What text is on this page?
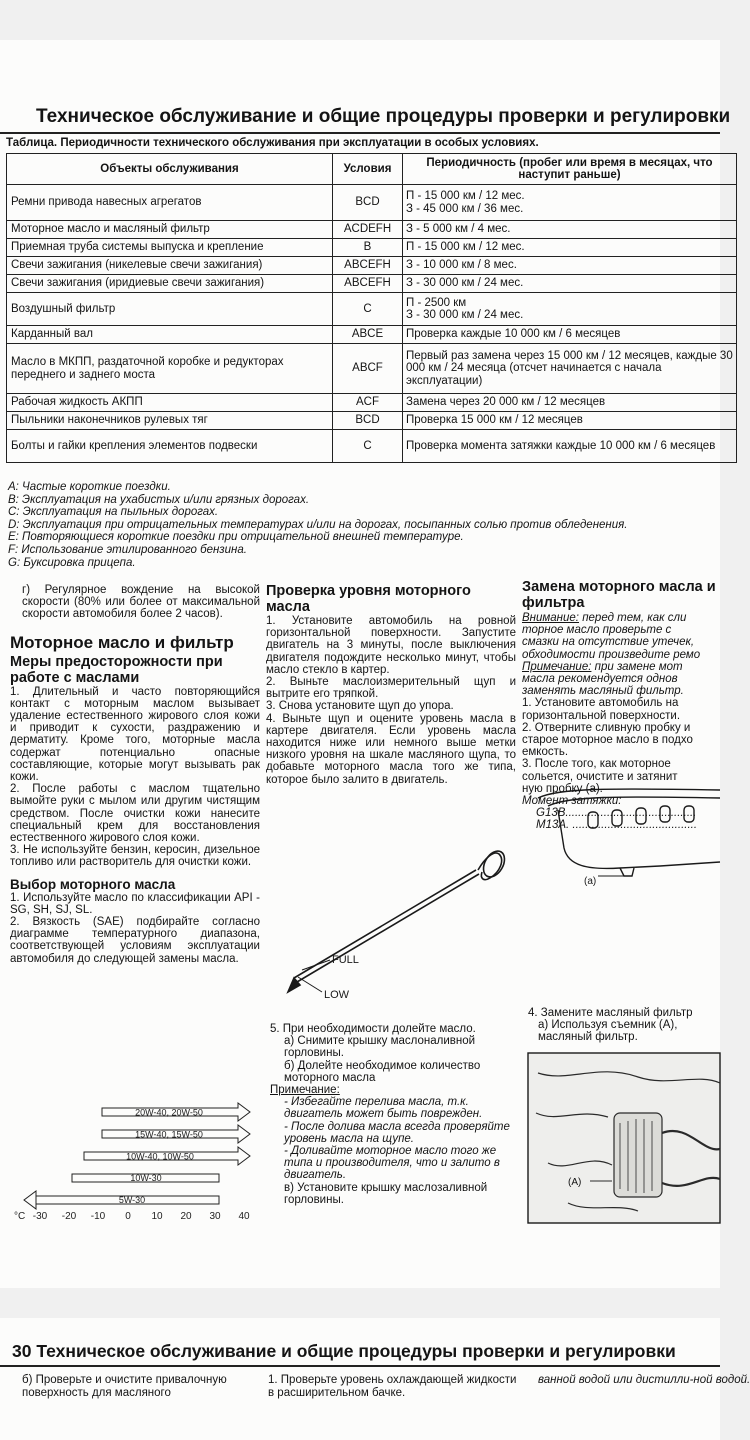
Техническое обслуживание и общие процедуры проверки и регулировки
Таблица. Периодичности технического обслуживания при эксплуатации в особых условиях.
Объекты обслуживания	Условия	Периодичность (пробег или время в месяцах, что наступит раньше)
Ремни привода навесных агрегатов	BCD	П - 15 000 км / 12 мес.
З - 45 000 км / 36 мес.
Моторное масло и масляный фильтр	ACDEFH	З - 5 000 км / 4 мес.
Приемная труба системы выпуска и крепление	B	П - 15 000 км / 12 мес.
Свечи зажигания (никелевые свечи зажигания)	ABCEFH	З - 10 000 км / 8 мес.
Свечи зажигания (иридиевые свечи зажигания)	ABCEFH	З - 30 000 км / 24 мес.
Воздушный фильтр	C	П - 2500 км
З - 30 000 км / 24 мес.
Карданный вал	ABCE	Проверка каждые 10 000 км / 6 месяцев
Масло в МКПП, раздаточной коробке и редукторах переднего и заднего моста	ABCF	Первый раз замена через 15 000 км / 12 месяцев, каждые 30 000 км / 24 месяца (отсчет начинается с начала эксплуатации)
Рабочая жидкость АКПП	ACF	Замена через 20 000 км / 12 месяцев
Пыльники наконечников рулевых тяг	BCD	Проверка 15 000 км / 12 месяцев
Болты и гайки крепления элементов подвески	C	Проверка момента затяжки каждые 10 000 км / 6 месяцев
A: Частые короткие поездки.
B: Эксплуатация на ухабистых и/или грязных дорогах.
C: Эксплуатация на пыльных дорогах.
D: Эксплуатация при отрицательных температурах и/или на дорогах, посыпанных солью против обледенения.
E: Повторяющиеся короткие поездки при отрицательной внешней температуре.
F: Использование этилированного бензина.
G: Буксировка прицепа.

г) Регулярное вождение на высокой скорости (80% или более от максимальной скорости автомобиля более 2 часов).

Моторное масло и фильтр

Меры предосторожности при работе с маслами

1. Длительный и часто повторяющийся контакт с моторным маслом вызывает удаление естественного жирового слоя кожи и приводит к сухости, раздражению и дерматиту. Кроме того, моторные масла содержат потенциально опасные составляющие, которые могут вызывать рак кожи.

2. После работы с маслом тщательно вымойте руки с мылом или другим чистящим средством. После очистки кожи нанесите специальный крем для восстановления естественного жирового слоя кожи.

3. Не используйте бензин, керосин, дизельное топливо или растворитель для очистки кожи.

Выбор моторного масла

1. Используйте масло по классификации API - SG, SH, SJ, SL.

2. Вязкость (SAE) подбирайте согласно диаграмме температурного диапазона, соответствующей условиям эксплуатации автомобиля до следующей замены масла.

20W-40, 20W-50
15W-40, 15W-50
10W-40, 10W-50
10W-30
5W-30
°C -30 -20 -10 0 10 20 30 40

Проверка уровня моторного масла

1. Установите автомобиль на ровной горизонтальной поверхности. Запустите двигатель на 3 минуты, после выключения двигателя подождите несколько минут, чтобы масло стекло в картер.

2. Выньте маслоизмерительный щуп и вытрите его тряпкой.

3. Снова установите щуп до упора.

4. Выньте щуп и оцените уровень масла в картере двигателя. Если уровень масла находится ниже или немного выше метки низкого уровня на шкале масляного щупа, то добавьте моторного масла того же типа, которое было залито в двигатель.

FULL
LOW

5. При необходимости долейте масло.

а) Снимите крышку маслоналивной горловины.

б) Долейте необходимое количество моторного масла

Примечание:

- Избегайте перелива масла, т.к. двигатель может быть поврежден.

- После долива масла всегда проверяйте уровень масла на щупе.

- Доливайте моторное масло того же типа и производителя, что и залито в двигатель.

в) Установите крышку маслозаливной горловины.

Замена моторного масла и фильтра

Внимание: перед тем, как сли

торное масло проверьте с

смазки на отсутствие утечек,

обходимости произведите ремо

Примечание: при замене мот

масла рекомендуется однов

заменять масляный фильтр.

1. Установите автомобиль на

горизонтальной поверхности.

2. Отверните сливную пробку и

старое моторное масло в подхо

емкость.

3. После того, как моторное

сольется, очистите и затянит

ную пробку (а).

Момент затяжки:

G13B.........................................

M13A. .......................................

(a)

4. Замените масляный фильтр

а) Используя съемник (А),

масляный фильтр.

(A)
30 Техническое обслуживание и общие процедуры проверки и регулировки
б) Проверьте и очистите привалочную поверхность для масляного
1. Проверьте уровень охлаждающей жидкости в расширительном бачке.
ванной водой или дистилли-ной водой.
